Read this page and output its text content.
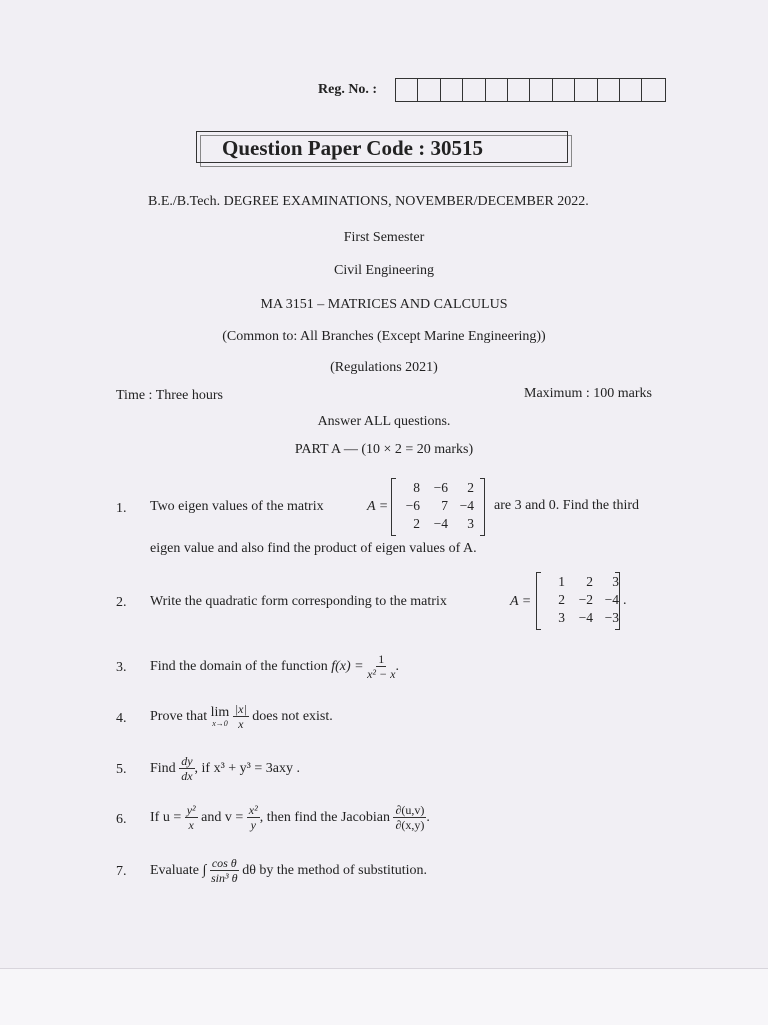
Reg. No. :
Question Paper Code : 30515
B.E./B.Tech. DEGREE EXAMINATIONS, NOVEMBER/DECEMBER 2022.
First Semester
Civil Engineering
MA 3151 – MATRICES AND CALCULUS
(Common to: All Branches (Except Marine Engineering))
(Regulations 2021)
Time : Three hours	Maximum : 100 marks
Answer ALL questions.
PART A — (10 × 2 = 20 marks)
1. Two eigen values of the matrix	A =
8	−6	2
−6	7 −4
2	−4	3
are 3 and 0. Find the third
eigen value and also find the product of eigen values of A.
2. Write the quadratic form corresponding to the matrix	A =
1	2	3
2	−2 −4
3	−4 −3
.
3. Find the domain of the function $f(x) = \frac{1}{\text{x² − x}}$ .
4. Prove that lim
x→0
$\frac{|x|}{x}$ does not exist.
5. Find $\frac{dy}{dx}$ , if x³ + y³ = 3axy .
6. If $u = \frac{\text{y²}}{x}$ and $v = \frac{\text{x²}}{y}$ , then find the Jacobian $\frac{\partial(u,v)}{\partial(x,y)}$ .
7. Evaluate ∫ $\frac{\text{cos θ}}{\text{sin³ θ}}$ dθ by the method of substitution.
